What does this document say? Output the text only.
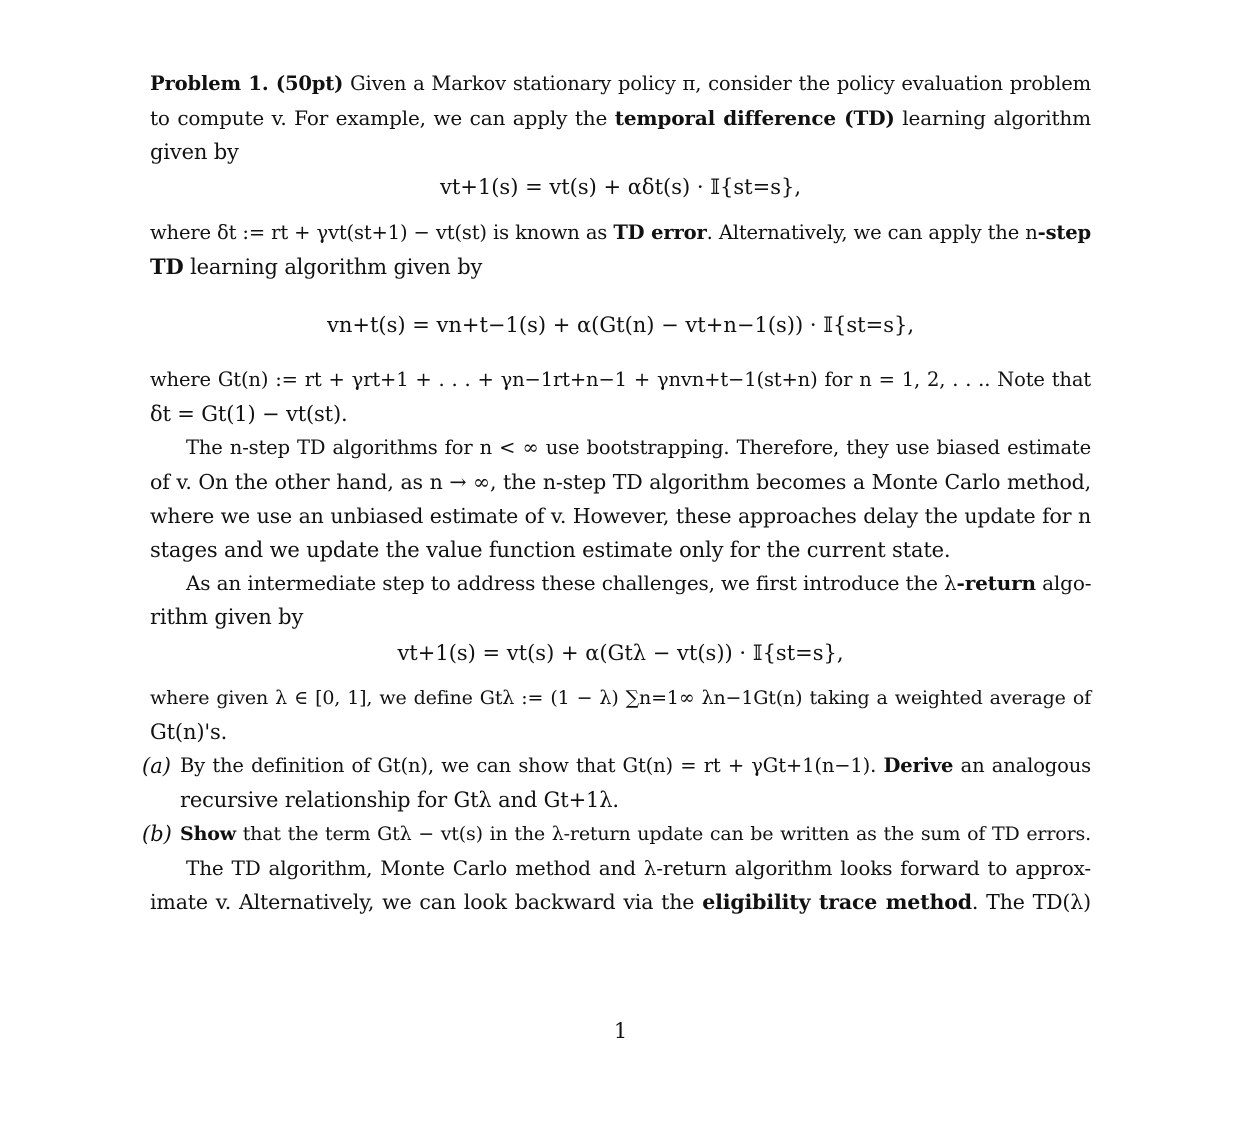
Problem 1. (50pt) Given a Markov stationary policy π, consider the policy evaluation problem
to compute v. For example, we can apply the temporal difference (TD) learning algorithm
given by
vt+1(s) = vt(s) + αδt(s) · 𝕀{st=s},
where δt := rt + γvt(st+1) − vt(st) is known as TD error. Alternatively, we can apply the n-step
TD learning algorithm given by
vn+t(s) = vn+t−1(s) + α(Gt(n) − vt+n−1(s)) · 𝕀{st=s},
where Gt(n) := rt + γrt+1 + . . . + γn−1rt+n−1 + γnvn+t−1(st+n) for n = 1, 2, . . .. Note that
δt = Gt(1) − vt(st).
The n-step TD algorithms for n < ∞ use bootstrapping. Therefore, they use biased estimate
of v. On the other hand, as n → ∞, the n-step TD algorithm becomes a Monte Carlo method,
where we use an unbiased estimate of v. However, these approaches delay the update for n
stages and we update the value function estimate only for the current state.
As an intermediate step to address these challenges, we first introduce the λ-return algo-
rithm given by
vt+1(s) = vt(s) + α(Gtλ − vt(s)) · 𝕀{st=s},
where given λ ∈ [0, 1], we define Gtλ := (1 − λ) ∑n=1∞ λn−1Gt(n) taking a weighted average of
Gt(n)'s.
(a) By the definition of Gt(n), we can show that Gt(n) = rt + γGt+1(n−1). Derive an analogous
recursive relationship for Gtλ and Gt+1λ.
(b) Show that the term Gtλ − vt(s) in the λ-return update can be written as the sum of TD errors.
The TD algorithm, Monte Carlo method and λ-return algorithm looks forward to approx-
imate v. Alternatively, we can look backward via the eligibility trace method. The TD(λ)
1
